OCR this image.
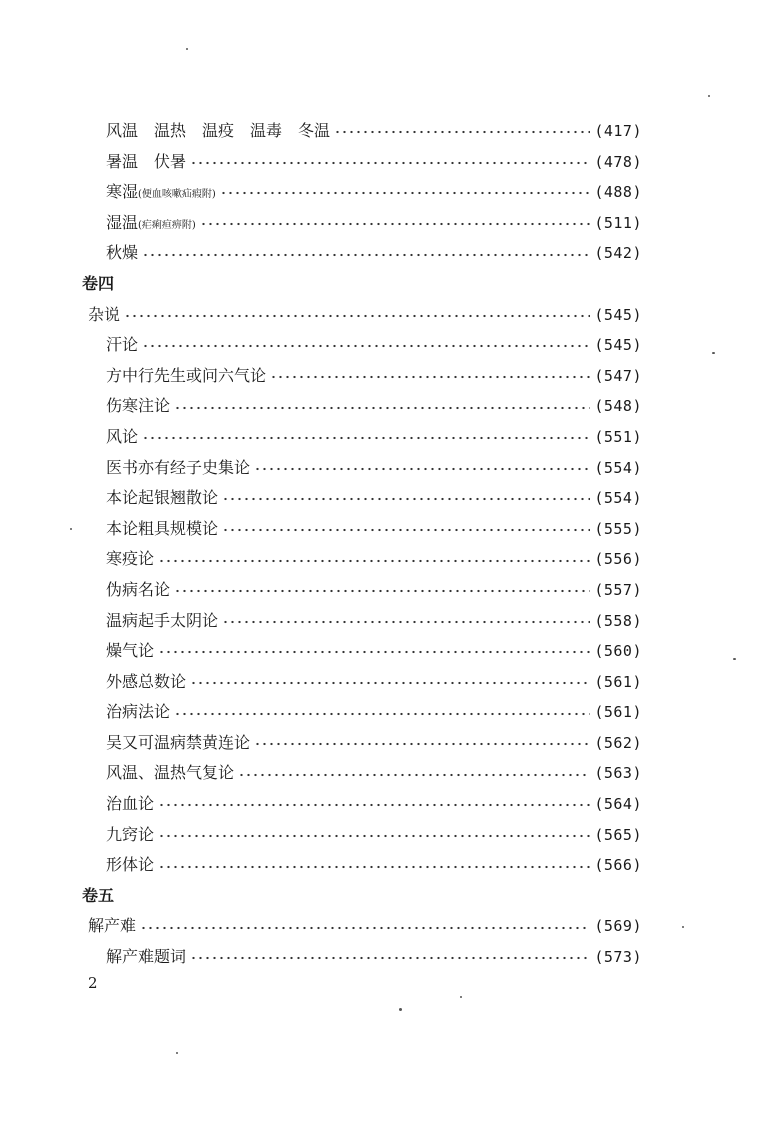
风温　温热　温疫　温毒　冬温	(417)
暑温　伏暑	(478)
寒湿 (便血咳嗽疝瘕附)	(488)
湿温 (疟痢疸痹附)	(511)
秋燥	(542)
卷四
杂说	(545)
汗论	(545)
方中行先生或问六气论	(547)
伤寒注论	(548)
风论	(551)
医书亦有经子史集论	(554)
本论起银翘散论	(554)
本论粗具规模论	(555)
寒疫论	(556)
伪病名论	(557)
温病起手太阴论	(558)
燥气论	(560)
外感总数论	(561)
治病法论	(561)
吴又可温病禁黄连论	(562)
风温、温热气复论	(563)
治血论	(564)
九窍论	(565)
形体论	(566)
卷五
解产难	(569)
解产难题词	(573)
2
